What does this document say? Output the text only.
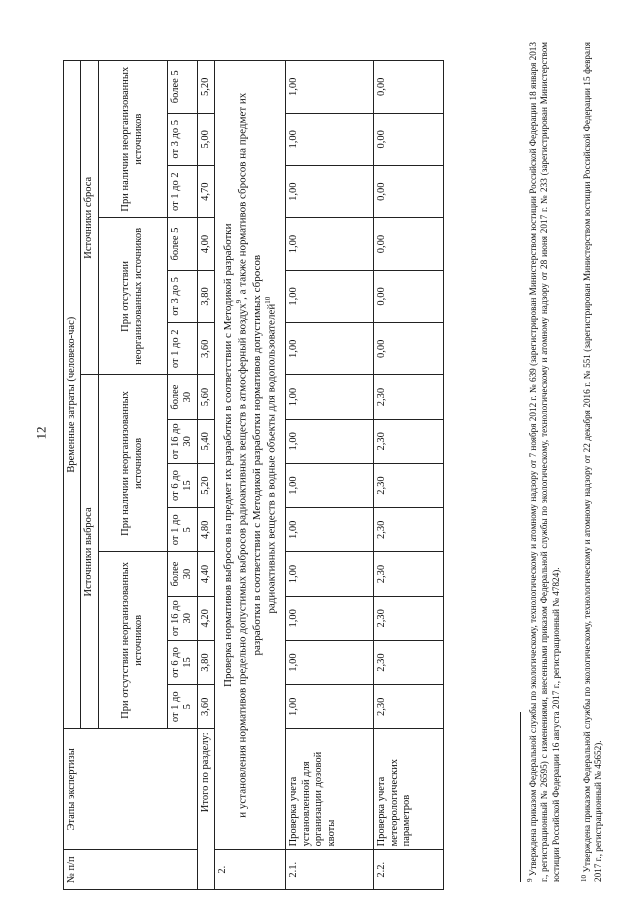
12
№ п/п	Этапы экспертизы	Временные затраты (человеко-час)													
		Источники выброса								Источники сброса					
		При отсутствии неорганизованных источников				При наличии неорганизованных источников				При отсутствии неорганизованных источников			При наличии неорганизованных источников		
		от 1 до 5	от 6 до 15	от 16 до 30	более 30	от 1 до 5	от 6 до 15	от 16 до 30	более 30	от 1 до 2	от 3 до 5	более 5	от 1 до 2	от 3 до 5	более 5
Итого по разделу:		3,60	3,80	4,20	4,40	4,80	5,20	5,40	5,60	3,60	3,80	4,00	4,70	5,00	5,20
2.	Проверка нормативов выбросов на предмет их разработки в соответствии с Методикой разработки и установления нормативов предельно допустимых выбросов радиоактивных веществ в атмосферный воздух$^9$, а также нормативов сбросов на предмет их разработки в соответствии с Методикой разработки нормативов допустимых сбросов радиоактивных веществ в водные объекты для водопользователей$^{10}$
2.1.	Проверка учета установленной для организации дозовой квоты	1,00	1,00	1,00	1,00	1,00	1,00	1,00	1,00	1,00	1,00	1,00	1,00	1,00	1,00
2.2.	Проверка учета метеорологических параметров	2,30	2,30	2,30	2,30	2,30	2,30	2,30	2,30	0,00	0,00	0,00	0,00	0,00	0,00
$^9$ Утверждена приказом Федеральной службы по экологическому, технологическому и атомному надзору от 7 ноября 2012 г. № 639 (зарегистрирован Министерством юстиции Российской Федерации 18 января 2013 г., регистрационный № 26595) с изменениями, внесенными приказом Федеральной службы по экологическому, технологическому и атомному надзору от 28 июня 2017 г. № 233 (зарегистрирован Министерством юстиции Российской Федерации 16 августа 2017 г., регистрационный № 47824).	$^{10}$ Утверждена приказом Федеральной службы по экологическому, технологическому и атомному надзору от 22 декабря 2016 г. № 551 (зарегистрирован Министерством юстиции Российской Федерации 15 февраля 2017 г., регистрационный № 45652).
